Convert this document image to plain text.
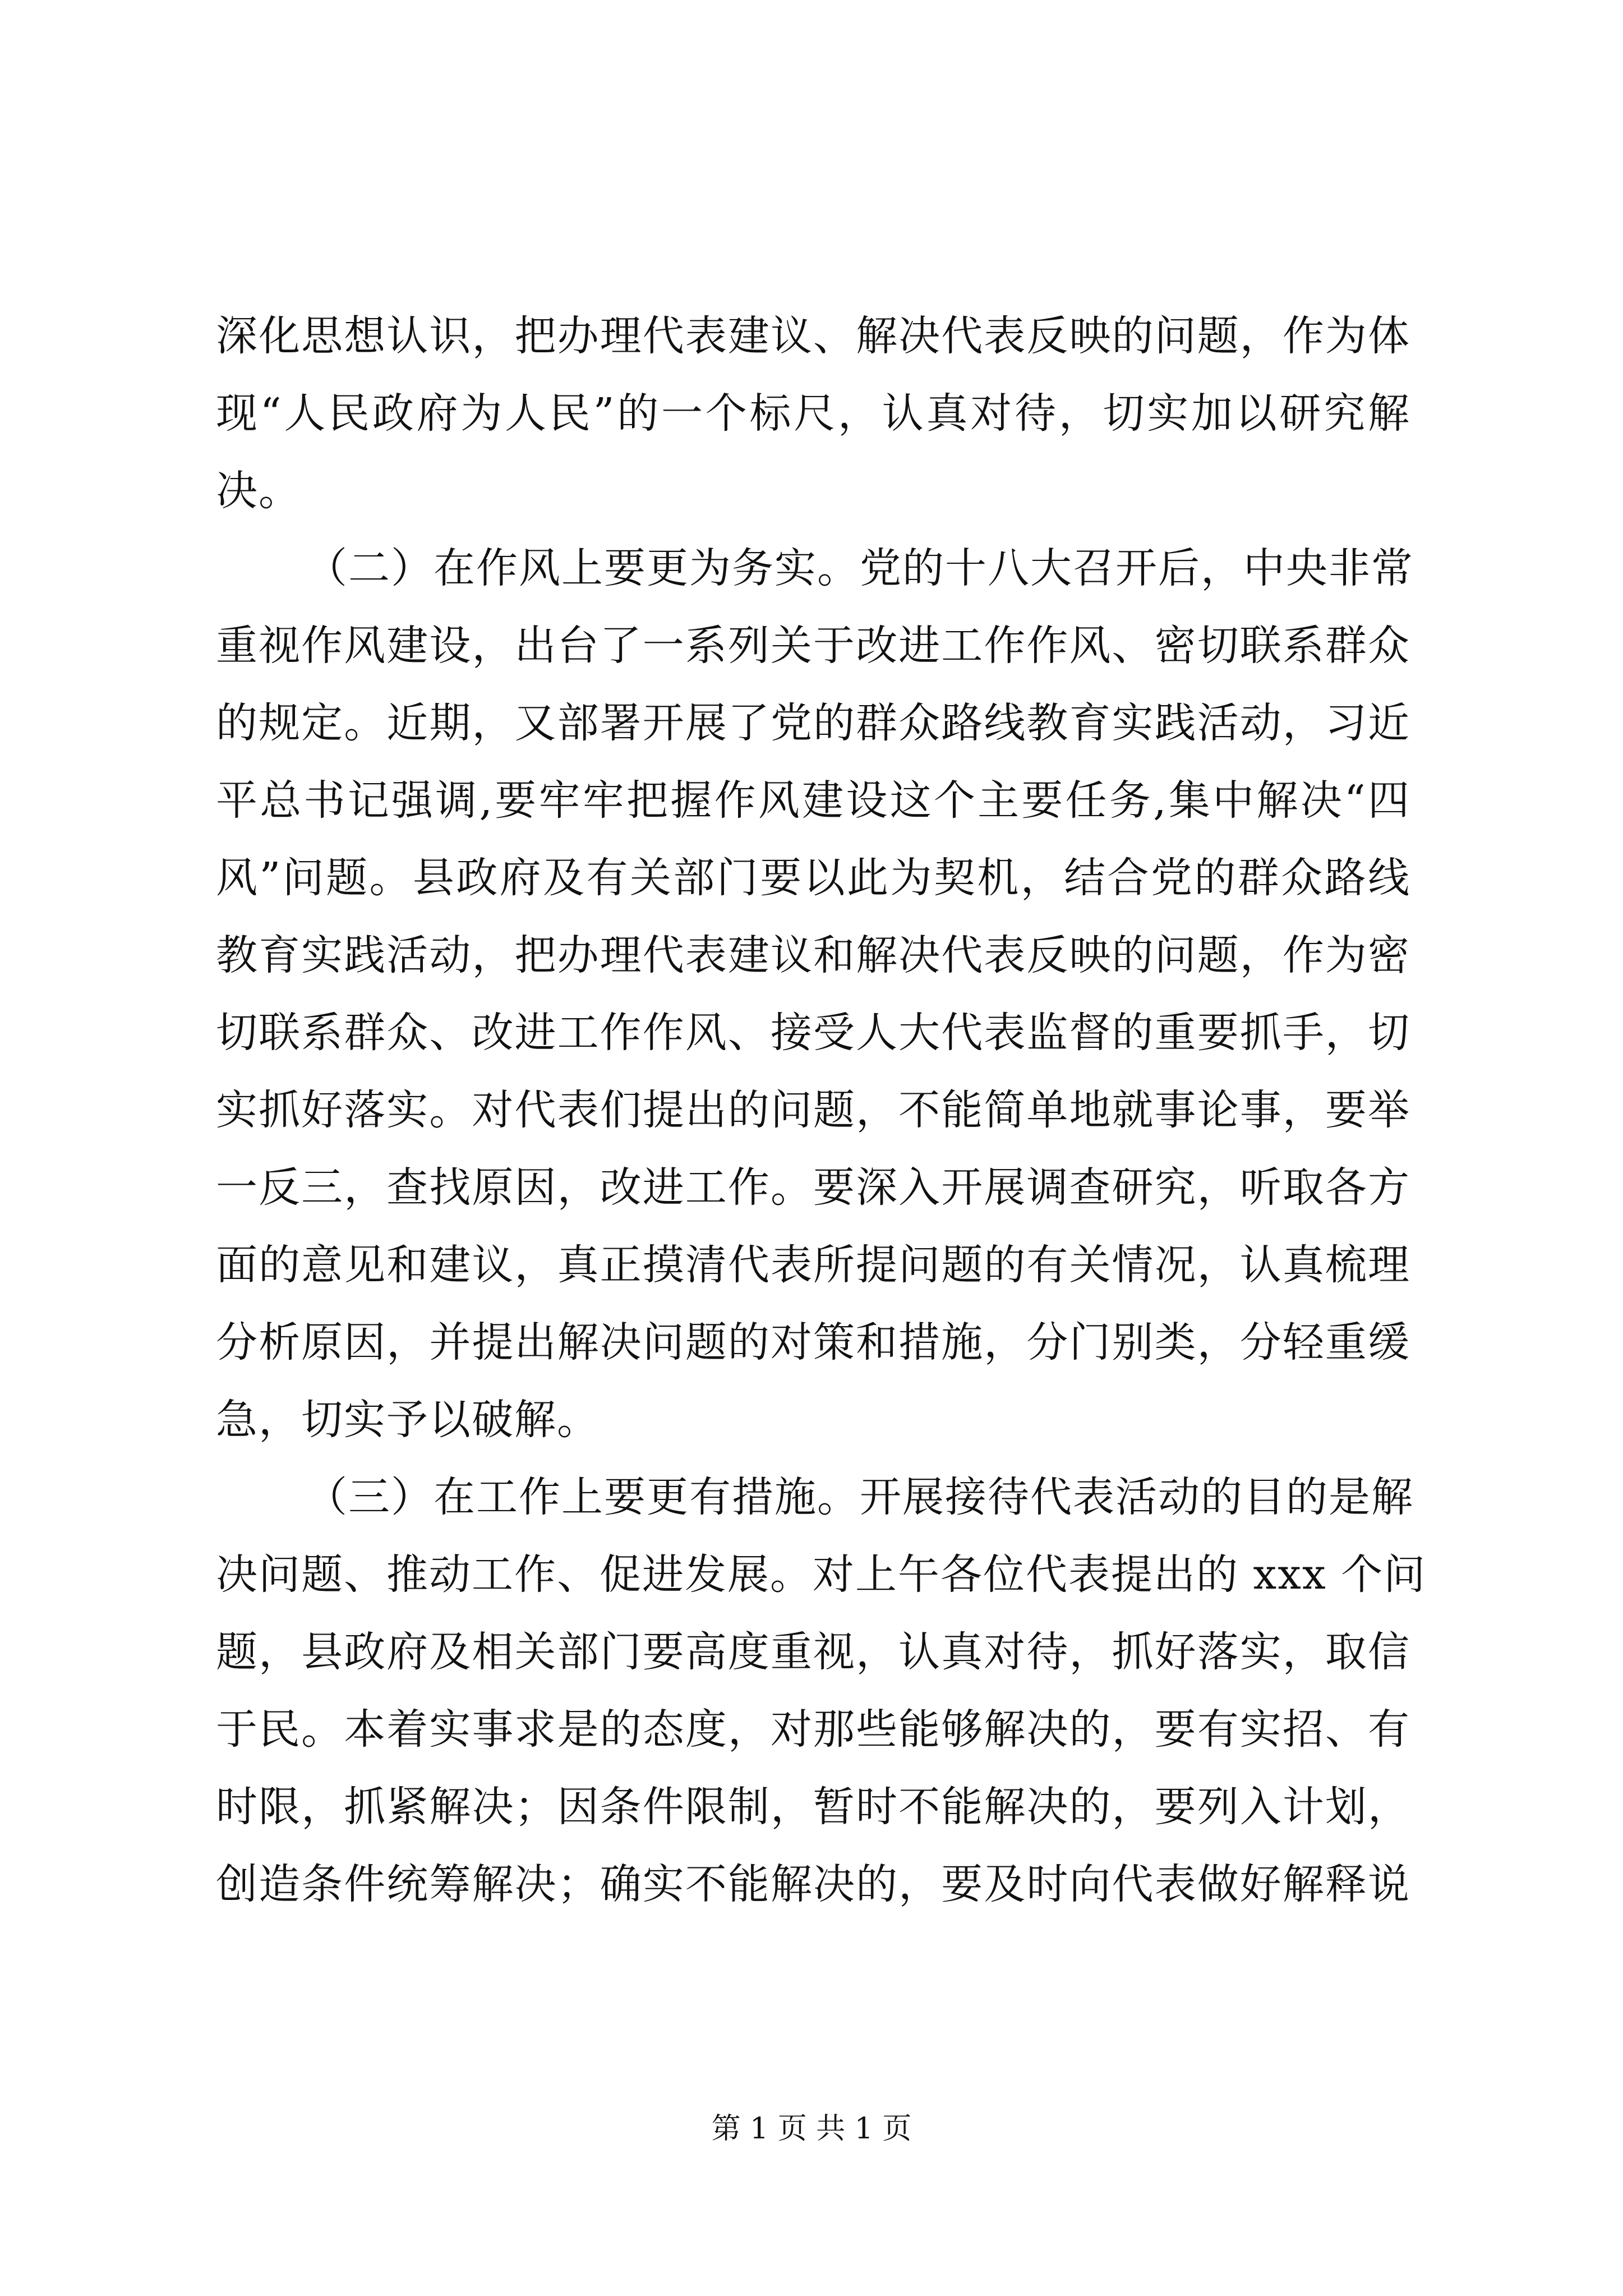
深化思想认识，把办理代表建议、解决代表反映的问题，作为体
现“人民政府为人民”的一个标尺，认真对待，切实加以研究解
决。
（二）在作风上要更为务实。党的十八大召开后，中央非常
重视作风建设，出台了一系列关于改进工作作风、密切联系群众
的规定。近期，又部署开展了党的群众路线教育实践活动，习近
平总书记强调,要牢牢把握作风建设这个主要任务,集中解决“四
风”问题。县政府及有关部门要以此为契机，结合党的群众路线
教育实践活动，把办理代表建议和解决代表反映的问题，作为密
切联系群众、改进工作作风、接受人大代表监督的重要抓手，切
实抓好落实。对代表们提出的问题，不能简单地就事论事，要举
一反三，查找原因，改进工作。要深入开展调查研究，听取各方
面的意见和建议，真正摸清代表所提问题的有关情况，认真梳理
分析原因，并提出解决问题的对策和措施，分门别类，分轻重缓
急，切实予以破解。
（三）在工作上要更有措施。开展接待代表活动的目的是解
决问题、推动工作、促进发展。对上午各位代表提出的 xxx 个问
题，县政府及相关部门要高度重视，认真对待，抓好落实，取信
于民。本着实事求是的态度，对那些能够解决的，要有实招、有
时限，抓紧解决；因条件限制，暂时不能解决的，要列入计划，
创造条件统筹解决；确实不能解决的，要及时向代表做好解释说
第 1 页 共 1 页
